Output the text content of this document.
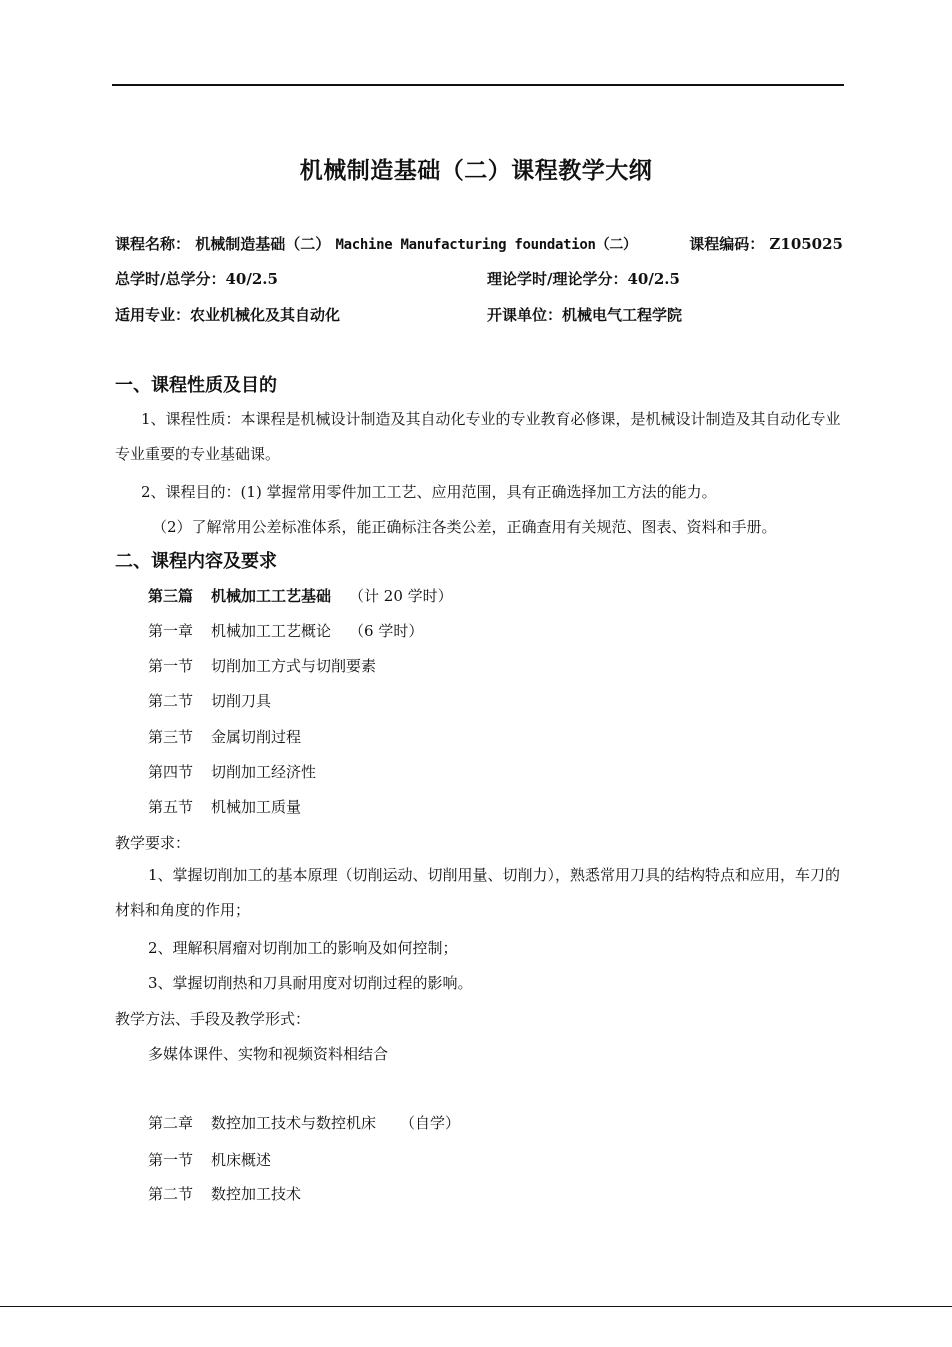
机械制造基础（二）课程教学大纲
课程名称： 机械制造基础（二） Machine Manufacturing foundation（二）	课程编码： Z105025
总学时/总学分：40/2.5	理论学时/理论学分：40/2.5
适用专业：农业机械化及其自动化	开课单位：机械电气工程学院
一、课程性质及目的
1、课程性质：本课程是机械设计制造及其自动化专业的专业教育必修课，是机械设计制造及其自动化专业专业重要的专业基础课。
2、课程目的：(1) 掌握常用零件加工工艺、应用范围，具有正确选择加工方法的能力。
（2）了解常用公差标准体系，能正确标注各类公差，正确查用有关规范、图表、资料和手册。
二、课程内容及要求
第三篇 机械加工工艺基础 （计 20 学时）
第一章 机械加工工艺概论 （6 学时）
第一节 切削加工方式与切削要素
第二节 切削刀具
第三节 金属切削过程
第四节 切削加工经济性
第五节 机械加工质量
教学要求：
1、掌握切削加工的基本原理（切削运动、切削用量、切削力），熟悉常用刀具的结构特点和应用，车刀的材料和角度的作用；
2、理解积屑瘤对切削加工的影响及如何控制；
3、掌握切削热和刀具耐用度对切削过程的影响。
教学方法、手段及教学形式：
多媒体课件、实物和视频资料相结合
第二章 数控加工技术与数控机床 （自学）
第一节 机床概述
第二节 数控加工技术
